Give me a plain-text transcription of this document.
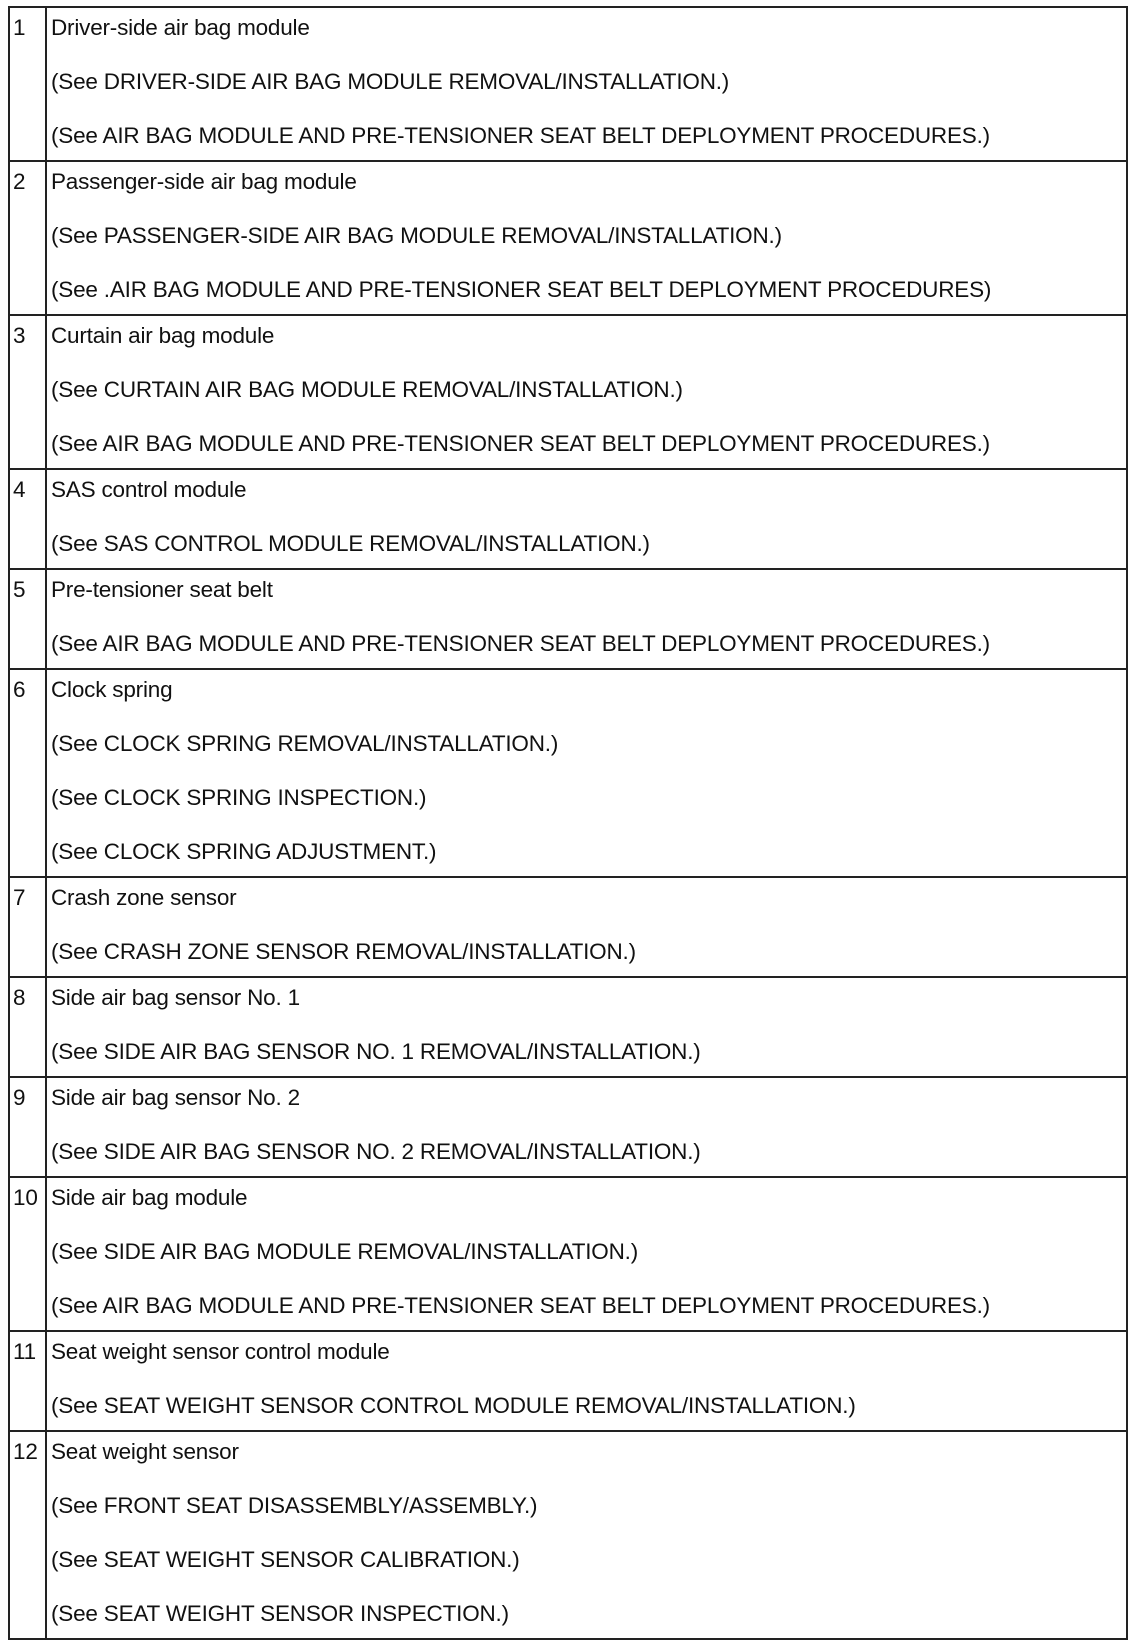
1	Driver-side air bag module
(See DRIVER-SIDE AIR BAG MODULE REMOVAL/INSTALLATION.)
(See AIR BAG MODULE AND PRE-TENSIONER SEAT BELT DEPLOYMENT PROCEDURES.)

2	Passenger-side air bag module
(See PASSENGER-SIDE AIR BAG MODULE REMOVAL/INSTALLATION.)
(See .AIR BAG MODULE AND PRE-TENSIONER SEAT BELT DEPLOYMENT PROCEDURES)

3	Curtain air bag module
(See CURTAIN AIR BAG MODULE REMOVAL/INSTALLATION.)
(See AIR BAG MODULE AND PRE-TENSIONER SEAT BELT DEPLOYMENT PROCEDURES.)

4	SAS control module
(See SAS CONTROL MODULE REMOVAL/INSTALLATION.)

5	Pre-tensioner seat belt
(See AIR BAG MODULE AND PRE-TENSIONER SEAT BELT DEPLOYMENT PROCEDURES.)

6	Clock spring
(See CLOCK SPRING REMOVAL/INSTALLATION.)
(See CLOCK SPRING INSPECTION.)
(See CLOCK SPRING ADJUSTMENT.)

7	Crash zone sensor
(See CRASH ZONE SENSOR REMOVAL/INSTALLATION.)

8	Side air bag sensor No. 1
(See SIDE AIR BAG SENSOR NO. 1 REMOVAL/INSTALLATION.)

9	Side air bag sensor No. 2
(See SIDE AIR BAG SENSOR NO. 2 REMOVAL/INSTALLATION.)

10	Side air bag module
(See SIDE AIR BAG MODULE REMOVAL/INSTALLATION.)
(See AIR BAG MODULE AND PRE-TENSIONER SEAT BELT DEPLOYMENT PROCEDURES.)

11	Seat weight sensor control module
(See SEAT WEIGHT SENSOR CONTROL MODULE REMOVAL/INSTALLATION.)

12	Seat weight sensor
(See FRONT SEAT DISASSEMBLY/ASSEMBLY.)
(See SEAT WEIGHT SENSOR CALIBRATION.)
(See SEAT WEIGHT SENSOR INSPECTION.)
